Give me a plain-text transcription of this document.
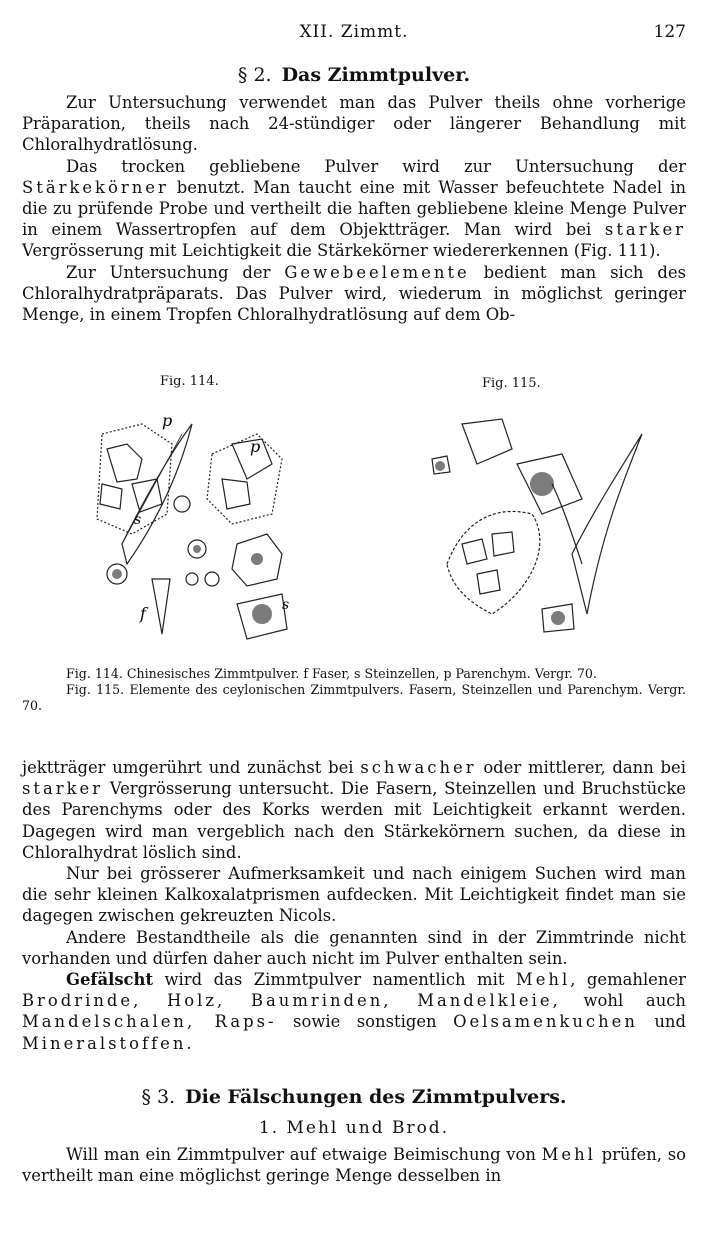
XII. Zimmt.	127
§ 2. Das Zimmtpulver.

Zur Untersuchung verwendet man das Pulver theils ohne vorherige Präparation, theils nach 24-stündiger oder längerer Behandlung mit Chloralhydratlösung.

Das trocken gebliebene Pulver wird zur Untersuchung der Stärkekörner benutzt. Man taucht eine mit Wasser befeuchtete Nadel in die zu prüfende Probe und vertheilt die haften gebliebene kleine Menge Pulver in einem Wassertropfen auf dem Objektträger. Man wird bei starker Vergrösserung mit Leichtigkeit die Stärkekörner wiedererkennen (Fig. 111).

Zur Untersuchung der Gewebeelemente bedient man sich des Chloralhydratpräparats. Das Pulver wird, wiederum in möglichst geringer Menge, in einem Tropfen Chloralhydratlösung auf dem Ob-

Fig. 114.	Fig. 115.
p
p
s
s
f
Fig. 114. Chinesisches Zimmtpulver. f Faser, s Steinzellen, p Parenchym. Vergr. 70.
Fig. 115. Elemente des ceylonischen Zimmtpulvers. Fasern, Steinzellen und Parenchym. Vergr. 70.

jektträger umgerührt und zunächst bei schwacher oder mittlerer, dann bei starker Vergrösserung untersucht. Die Fasern, Steinzellen und Bruchstücke des Parenchyms oder des Korks werden mit Leichtigkeit erkannt werden. Dagegen wird man vergeblich nach den Stärkekörnern suchen, da diese in Chloralhydrat löslich sind.

Nur bei grösserer Aufmerksamkeit und nach einigem Suchen wird man die sehr kleinen Kalkoxalatprismen aufdecken. Mit Leichtigkeit findet man sie dagegen zwischen gekreuzten Nicols.

Andere Bestandtheile als die genannten sind in der Zimmtrinde nicht vorhanden und dürfen daher auch nicht im Pulver enthalten sein.

Gefälscht wird das Zimmtpulver namentlich mit Mehl, gemahlener Brodrinde, Holz, Baumrinden, Mandelkleie, wohl auch Mandelschalen, Raps- sowie sonstigen Oelsamenkuchen und Mineralstoffen.

§ 3. Die Fälschungen des Zimmtpulvers.

1. Mehl und Brod.

Will man ein Zimmtpulver auf etwaige Beimischung von Mehl prüfen, so vertheilt man eine möglichst geringe Menge desselben in
